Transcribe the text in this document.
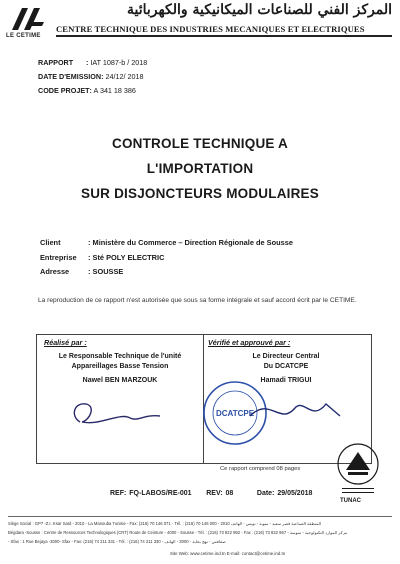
LE CETIME
المركز الفني للصناعات الميكانيكية والكهربائية
CENTRE TECHNIQUE DES INDUSTRIES MECANIQUES ET ELECTRIQUES
RAPPORT : IAT 1087-b / 2018
DATE D'EMISSION: 24/12/ 2018
CODE PROJET: A 341 18 386
CONTROLE TECHNIQUE A
L'IMPORTATION
SUR DISJONCTEURS MODULAIRES
Client	: Ministère du Commerce – Direction Régionale de Sousse
Entreprise : Sté POLY ELECTRIC
Adresse	: SOUSSE
La reproduction de ce rapport n'est autorisée que sous sa forme intégrale et sauf accord écrit par le CETIME.
Réalisé par :
Le Responsable Technique de l'unité
Appareillages Basse Tension
Nawel BEN MARZOUK
Vérifié et approuvé par :
Le Directeur Central
Du DCATCPE
Hamadi TRIGUI
DCATCPE
Ce rapport comprend 08 pages
REF: FQ-LABOS/RE-001 REV: 08	Date: 29/05/2018
TUNAC
Siège Social : GP7 -Z.I. Ksar Saïd - 2010 - La Manouba Tunisie - Fax: (216) 70 146 071 - Tél. : (216) 70 146 000 - 2010 المنطقة الصناعية قصر سعيد - منوبة - تونس - الهاتف
Bégdara -Sousse : Centre de Ressources Technologiques (CRT) Route de Ceinture - 4000 - Sousse - Tél. : (216) 73 822 992 - Fax : (216) 73 822 967 - مركز الموارد التكنولوجية - سوسة
- Sfax : 1 Rue Bejaya -3000- Sfax - Fax: (216) 74 211 331 - Tél. : (216) 74 211 330 - صفاقس - نهج بجاية - 3000 - الهاتف
Site Web: www.cetime.ind.tn E-mail: contact@cetime.ind.tn
